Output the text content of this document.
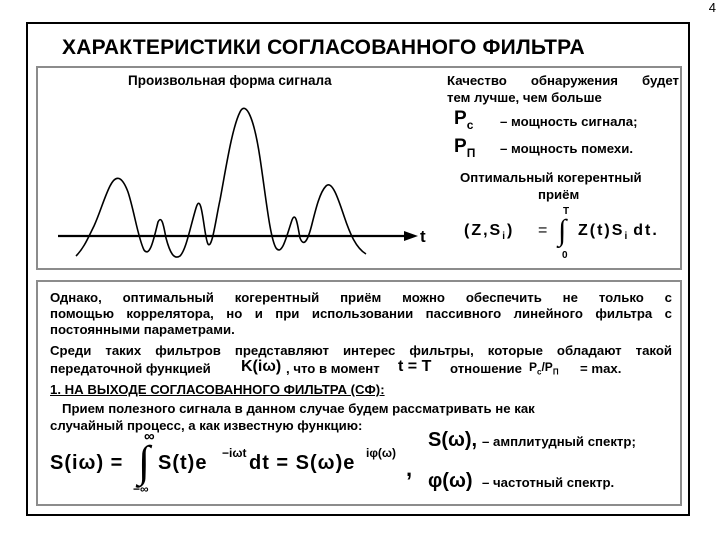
4
ХАРАКТЕРИСТИКИ СОГЛАСОВАННОГО ФИЛЬТРА
Произвольная форма сигнала
t
Качество обнаружения будет
тем лучше, чем больше
$P_c$ – мощность сигнала;
$P_П$ – мощность помехи.
Оптимальный когерентный
приём
$(Z,S_i)$ = ∫
T
0
$Z(t)S_i$ dt.
Однако, оптимальный когерентный приём можно обеспечить не только с
помощью коррелятора, но и при использовании пассивного линейного фильтра с
постоянными параметрами.
Среди таких фильтров представляют интерес фильтры, которые обладают такой
передаточной функцией K(iω) , что в момент t = T отношение $P_c/P_П = \max$.
1. НА ВЫХОДЕ СОГЛАСОВАННОГО ФИЛЬТРА (СФ):
Прием полезного сигнала в данном случае будем рассматривать не как
случайный процесс, а как известную функцию:
S(iω) =
∞
∫
−∞
S(t)e −iωt dt = S(ω)e iφ(ω)
,
S(ω), – амплитудный спектр;
φ(ω) – частотный спектр.
